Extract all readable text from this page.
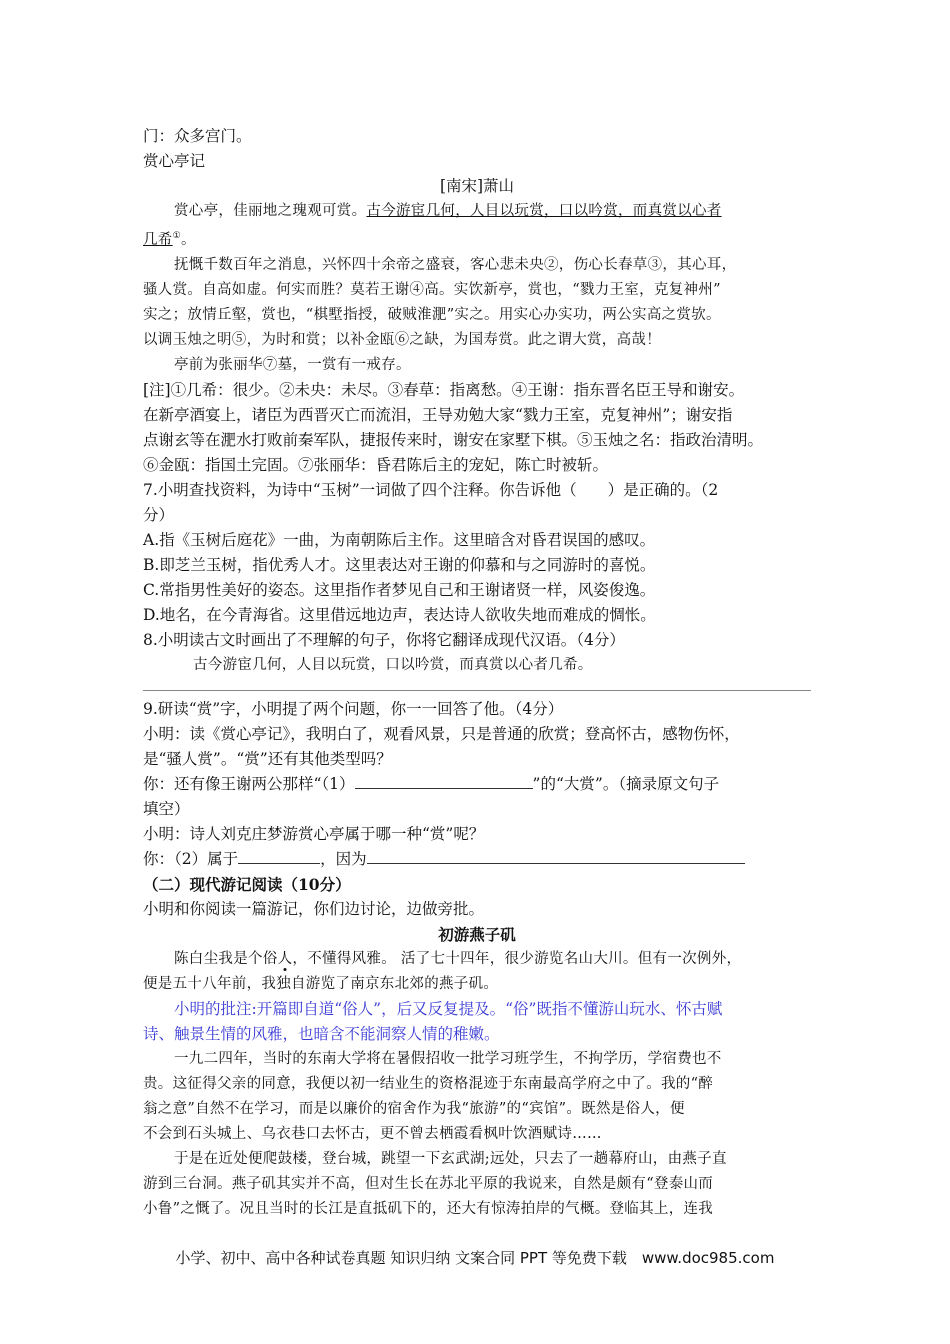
门：众多宫门。
赏心亭记
[南宋]萧山
赏心亭，佳丽地之瑰观可赏。古今游宦几何，人目以玩赏，口以吟赏，而真赏以心者
几希①。
抚慨千数百年之消息，兴怀四十余帝之盛衰，客心悲未央②，伤心长春草③，其心耳，
骚人赏。自高如虚。何实而胜？莫若王谢④高。实饮新亭，赏也，“戮力王室，克复神州”
实之；放情丘壑，赏也，“棋墅指授，破贼淮淝”实之。用实心办实功，两公实高之赏欤。
以调玉烛之明⑤，为时和赏；以补金瓯⑥之缺，为国寿赏。此之谓大赏，高哉！
亭前为张丽华⑦墓，一赏有一戒存。
[注]①几希：很少。②未央：未尽。③春草：指离愁。④王谢：指东晋名臣王导和谢安。
在新亭酒宴上，诸臣为西晋灭亡而流泪，王导劝勉大家“戮力王室，克复神州”；谢安指
点谢玄等在淝水打败前秦军队，捷报传来时，谢安在家墅下棋。⑤玉烛之名：指政治清明。
⑥金瓯：指国土完固。⑦张丽华：昏君陈后主的宠妃，陈亡时被斩。
7.小明查找资料，为诗中“玉树”一词做了四个注释。你告诉他（　　）是正确的。（2
分）
A.指《玉树后庭花》一曲，为南朝陈后主作。这里暗含对昏君误国的感叹。
B.即芝兰玉树，指优秀人才。这里表达对王谢的仰慕和与之同游时的喜悦。
C.常指男性美好的姿态。这里指作者梦见自己和王谢诸贤一样，风姿俊逸。
D.地名，在今青海省。这里借远地边声，表达诗人欲收失地而难成的惆怅。
8.小明读古文时画出了不理解的句子，你将它翻译成现代汉语。（4分）
古今游宦几何，人目以玩赏，口以吟赏，而真赏以心者几希。
9.研读“赏”字，小明提了两个问题，你一一回答了他。（4分）
小明：读《赏心亭记》，我明白了，观看风景，只是普通的欣赏；登高怀古，感物伤怀，
是“骚人赏”。“赏”还有其他类型吗？
你：还有像王谢两公那样“（1）	”的“大赏”。（摘录原文句子
填空）
小明：诗人刘克庄梦游赏心亭属于哪一种“赏”呢？
你：（2）属于	，因为
（二）现代游记阅读（10分）
小明和你阅读一篇游记，你们边讨论，边做旁批。
初游燕子矶
陈白尘我是个俗人，不懂得风雅。 活了七十四年，很少游览名山大川。但有一次例外，
便是五十八年前，我独自游览了南京东北郊的燕子矶。
小明的批注:开篇即自道“俗人”，后又反复提及。“俗”既指不懂游山玩水、怀古赋
诗、触景生情的风雅，也暗含不能洞察人情的稚嫩。
一九二四年，当时的东南大学将在暑假招收一批学习班学生，不拘学历，学宿费也不
贵。这征得父亲的同意，我便以初一结业生的资格混迹于东南最高学府之中了。我的“醉
翁之意”自然不在学习，而是以廉价的宿舍作为我“旅游”的“宾馆”。既然是俗人，便
不会到石头城上、乌衣巷口去怀古，更不曾去栖霞看枫叶饮酒赋诗……
于是在近处便爬鼓楼，登台城，跳望一下玄武湖;远处，只去了一趟幕府山，由燕子直
游到三台洞。燕子矶其实并不高，但对生长在苏北平原的我说来，自然是颇有“登泰山而
小鲁”之慨了。况且当时的长江是直抵矶下的，还大有惊涛拍岸的气概。登临其上，连我
小学、初中、高中各种试卷真题 知识归纳 文案合同 PPT 等免费下载　www.doc985.com
